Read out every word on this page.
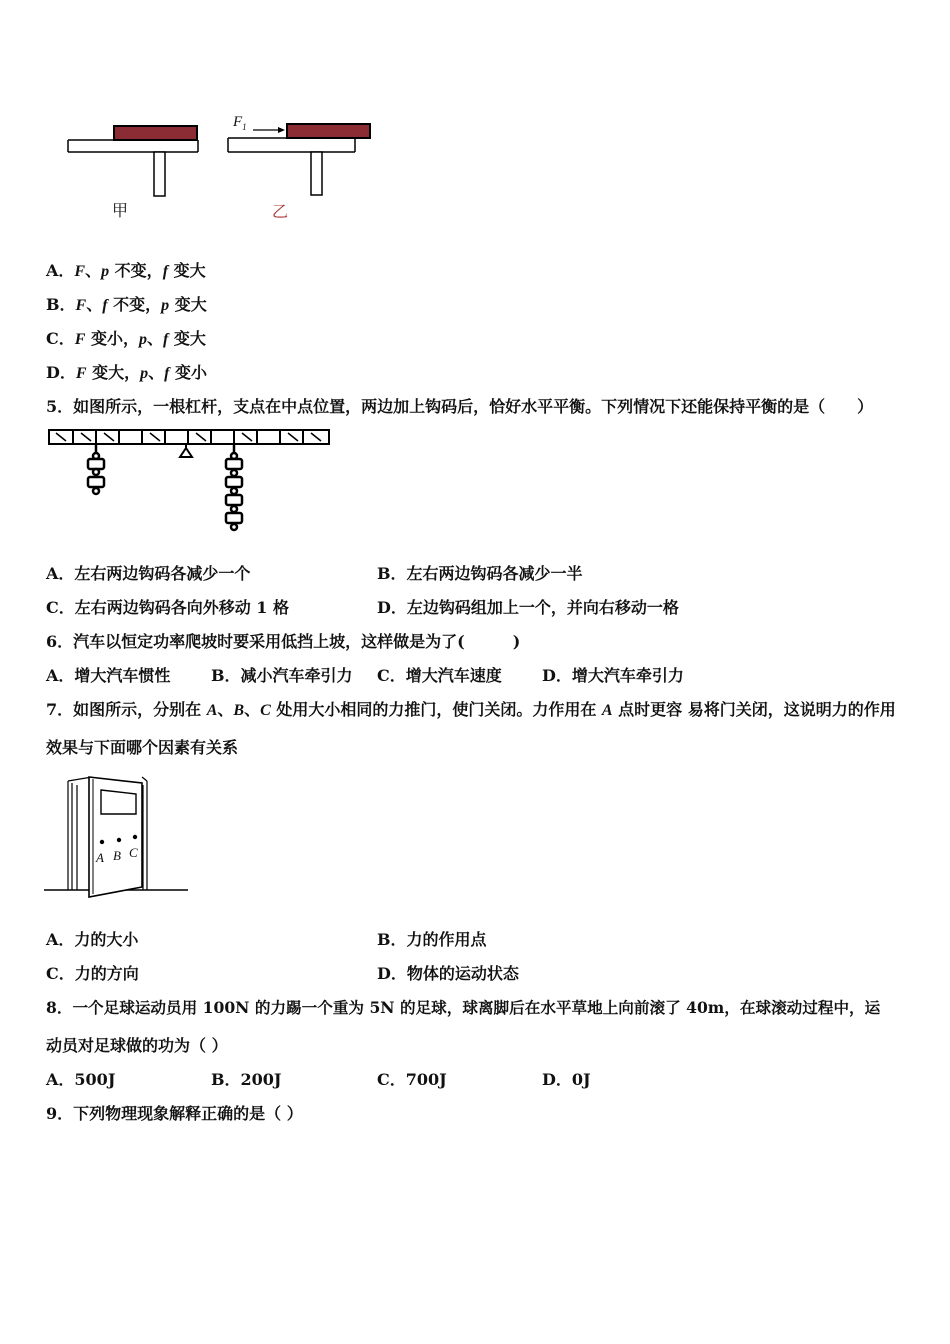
甲
$F_1$
乙
A．F、p 不变，f 变大
B．F、f 不变，p 变大
C．F 变小，p、f 变大
D．F 变大，p、f 变小
5．如图所示，一根杠杆，支点在中点位置，两边加上钩码后，恰好水平平衡。下列情况下还能保持平衡的是（　　）
A．左右两边钩码各减少一个	B．左右两边钩码各减少一半
C．左右两边钩码各向外移动 1 格	D．左边钩码组加上一个，并向右移动一格
6．汽车以恒定功率爬坡时要采用低挡上坡，这样做是为了(　　　)
A．增大汽车惯性	B．减小汽车牵引力 C．增大汽车速度	D．增大汽车牵引力
7．如图所示，分别在 A、B、C 处用大小相同的力推门，使门关闭。力作用在 A 点时更容 易将门关闭，这说明力的作用
效果与下面哪个因素有关系
A B C
A．力的大小	B．力的作用点
C．力的方向	D．物体的运动状态
8．一个足球运动员用 100N 的力踢一个重为 5N 的足球，球离脚后在水平草地上向前滚了 40m，在球滚动过程中，运
动员对足球做的功为（ ）
A．500J	B．200J	C．700J	D．0J
9．下列物理现象解释正确的是（ ）
